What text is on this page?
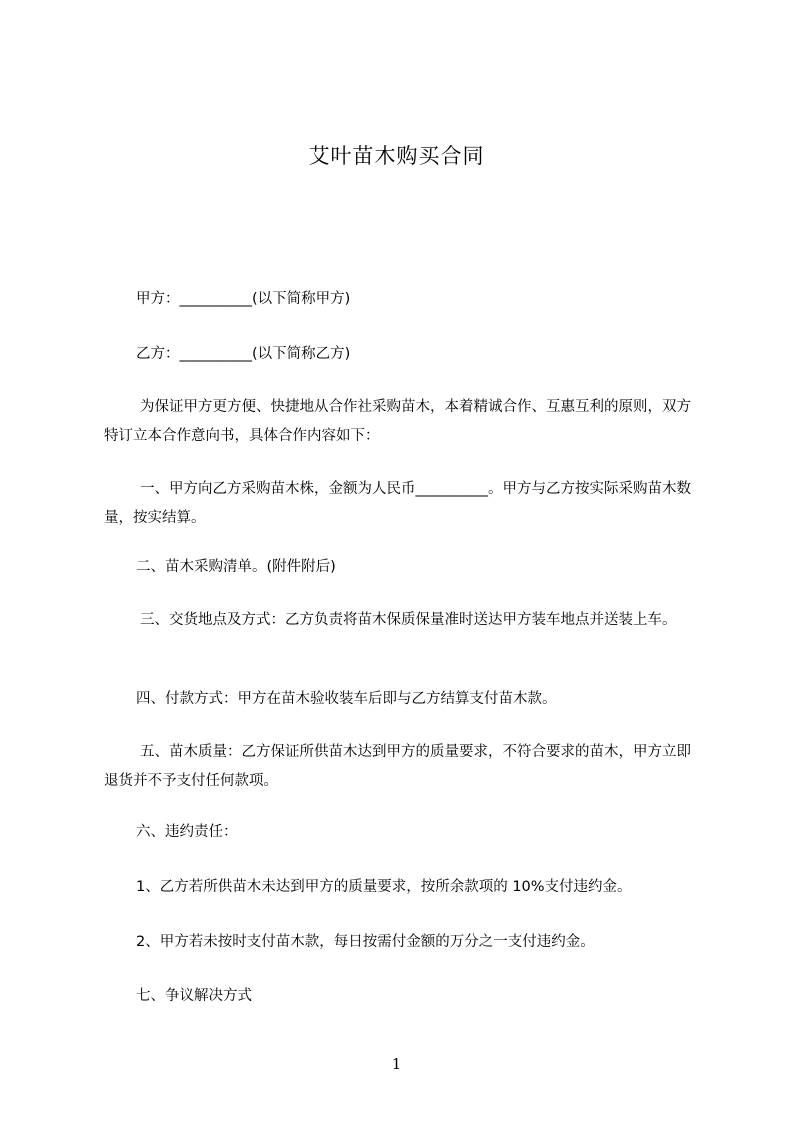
艾叶苗木购买合同
甲方：__________(以下简称甲方)
乙方：__________(以下简称乙方)
为保证甲方更方便、快捷地从合作社采购苗木，本着精诚合作、互惠互利的原则，双方特订立本合作意向书，具体合作内容如下：
一、甲方向乙方采购苗木株，金额为人民币__________。甲方与乙方按实际采购苗木数量，按实结算。
二、苗木采购清单。(附件附后)
三、交货地点及方式：乙方负责将苗木保质保量准时送达甲方装车地点并送装上车。
四、付款方式：甲方在苗木验收装车后即与乙方结算支付苗木款。
五、苗木质量：乙方保证所供苗木达到甲方的质量要求，不符合要求的苗木，甲方立即退货并不予支付任何款项。
六、违约责任：
1、乙方若所供苗木未达到甲方的质量要求，按所余款项的 10%支付违约金。
2、甲方若未按时支付苗木款，每日按需付金额的万分之一支付违约金。
七、争议解决方式
1
